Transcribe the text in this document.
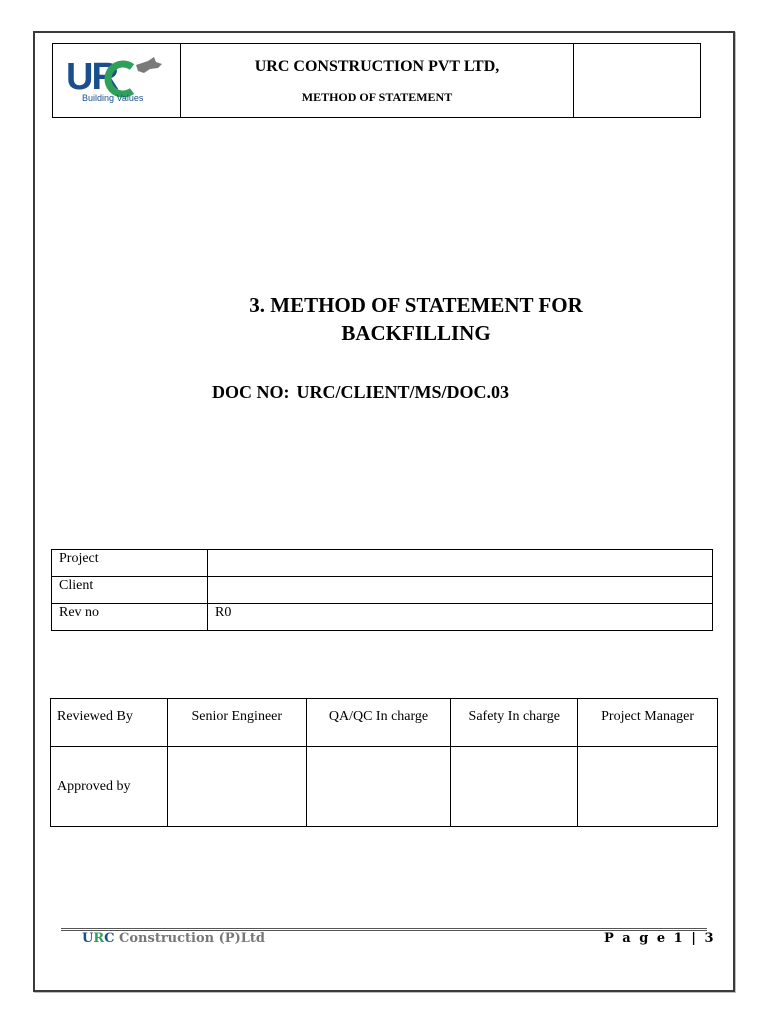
UR
Building Values

URC CONSTRUCTION PVT LTD,
METHOD OF STATEMENT

3. METHOD OF STATEMENT FOR
BACKFILLING
DOC NO: URC/CLIENT/MS/DOC.03
Project	
Client	
Rev no	R0
Reviewed By	Senior Engineer	QA/QC In charge	Safety In charge	Project Manager
Approved by				
URC Construction (P)Ltd	P a g e 1 | 3
